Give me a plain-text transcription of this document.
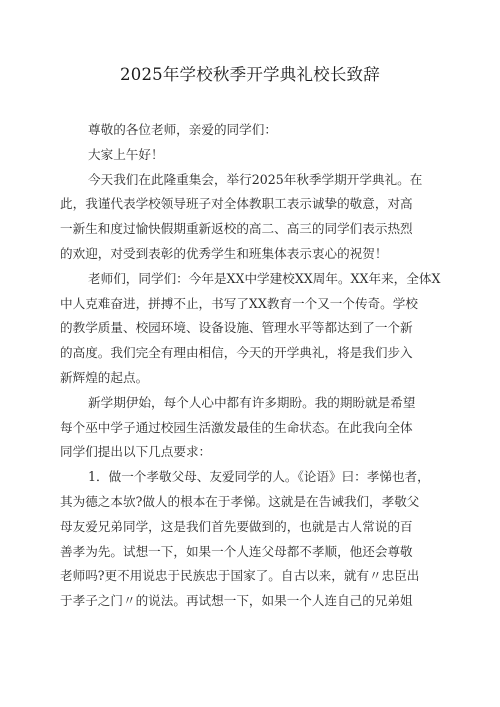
2025年学校秋季开学典礼校长致辞
尊敬的各位老师，亲爱的同学们：
大家上午好！
今天我们在此隆重集会，举行2025年秋季学期开学典礼。在
此，我谨代表学校领导班子对全体教职工表示诚挚的敬意，对高
一新生和度过愉快假期重新返校的高二、高三的同学们表示热烈
的欢迎，对受到表彰的优秀学生和班集体表示衷心的祝贺！
老师们，同学们：今年是XX中学建校XX周年。XX年来，全体X
中人克难奋进，拼搏不止，书写了XX教育一个又一个传奇。学校
的教学质量、校园环境、设备设施、管理水平等都达到了一个新
的高度。我们完全有理由相信，今天的开学典礼，将是我们步入
新辉煌的起点。
新学期伊始，每个人心中都有许多期盼。我的期盼就是希望
每个巫中学子通过校园生活激发最佳的生命状态。在此我向全体
同学们提出以下几点要求：
1．做一个孝敬父母、友爱同学的人。《论语》曰：孝悌也者，
其为德之本欤?做人的根本在于孝悌。这就是在告诫我们，孝敬父
母友爱兄弟同学，这是我们首先要做到的，也就是古人常说的百
善孝为先。试想一下，如果一个人连父母都不孝顺，他还会尊敬
老师吗?更不用说忠于民族忠于国家了。自古以来，就有〃忠臣出
于孝子之门〃的说法。再试想一下，如果一个人连自己的兄弟姐
